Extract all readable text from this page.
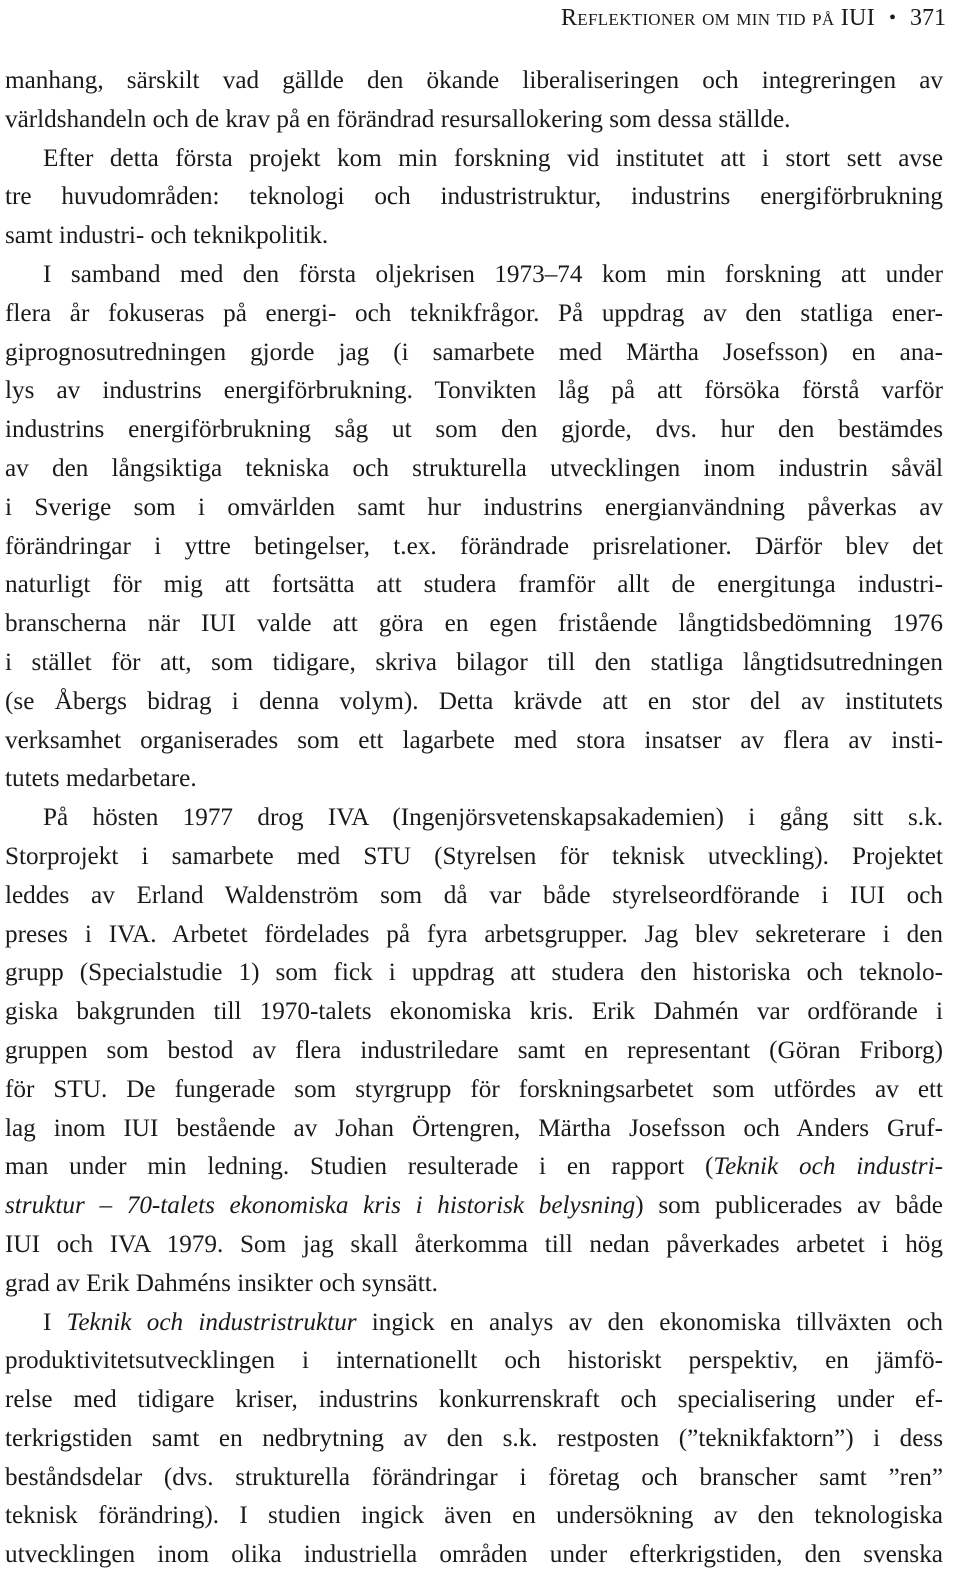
Reflektioner om min tid på IUI • 371
manhang, särskilt vad gällde den ökande liberaliseringen och integreringen av
världshandeln och de krav på en förändrad resursallokering som dessa ställde.
Efter detta första projekt kom min forskning vid institutet att i stort sett avse
tre huvudområden: teknologi och industristruktur, industrins energiförbrukning
samt industri- och teknikpolitik.
I samband med den första oljekrisen 1973–74 kom min forskning att under
flera år fokuseras på energi- och teknikfrågor. På uppdrag av den statliga ener-
giprognosutredningen gjorde jag (i samarbete med Märtha Josefsson) en ana-
lys av industrins energiförbrukning. Tonvikten låg på att försöka förstå varför
industrins energiförbrukning såg ut som den gjorde, dvs. hur den bestämdes
av den långsiktiga tekniska och strukturella utvecklingen inom industrin såväl
i Sverige som i omvärlden samt hur industrins energianvändning påverkas av
förändringar i yttre betingelser, t.ex. förändrade prisrelationer. Därför blev det
naturligt för mig att fortsätta att studera framför allt de energitunga industri-
branscherna när IUI valde att göra en egen fristående långtidsbedömning 1976
i stället för att, som tidigare, skriva bilagor till den statliga långtidsutredningen
(se Åbergs bidrag i denna volym). Detta krävde att en stor del av institutets
verksamhet organiserades som ett lagarbete med stora insatser av flera av insti-
tutets medarbetare.
På hösten 1977 drog IVA (Ingenjörsvetenskapsakademien) i gång sitt s.k.
Storprojekt i samarbete med STU (Styrelsen för teknisk utveckling). Projektet
leddes av Erland Waldenström som då var både styrelseordförande i IUI och
preses i IVA. Arbetet fördelades på fyra arbetsgrupper. Jag blev sekreterare i den
grupp (Specialstudie 1) som fick i uppdrag att studera den historiska och teknolo-
giska bakgrunden till 1970-talets ekonomiska kris. Erik Dahmén var ordförande i
gruppen som bestod av flera industriledare samt en representant (Göran Friborg)
för STU. De fungerade som styrgrupp för forskningsarbetet som utfördes av ett
lag inom IUI bestående av Johan Örtengren, Märtha Josefsson och Anders Gruf-
man under min ledning. Studien resulterade i en rapport (Teknik och industri-
struktur – 70-talets ekonomiska kris i historisk belysning) som publicerades av både
IUI och IVA 1979. Som jag skall återkomma till nedan påverkades arbetet i hög
grad av Erik Dahméns insikter och synsätt.
I Teknik och industristruktur ingick en analys av den ekonomiska tillväxten och
produktivitetsutvecklingen i internationellt och historiskt perspektiv, en jämfö-
relse med tidigare kriser, industrins konkurrenskraft och specialisering under ef-
terkrigstiden samt en nedbrytning av den s.k. restposten (”teknikfaktorn”) i dess
beståndsdelar (dvs. strukturella förändringar i företag och branscher samt ”ren”
teknisk förändring). I studien ingick även en undersökning av den teknologiska
utvecklingen inom olika industriella områden under efterkrigstiden, den svenska
